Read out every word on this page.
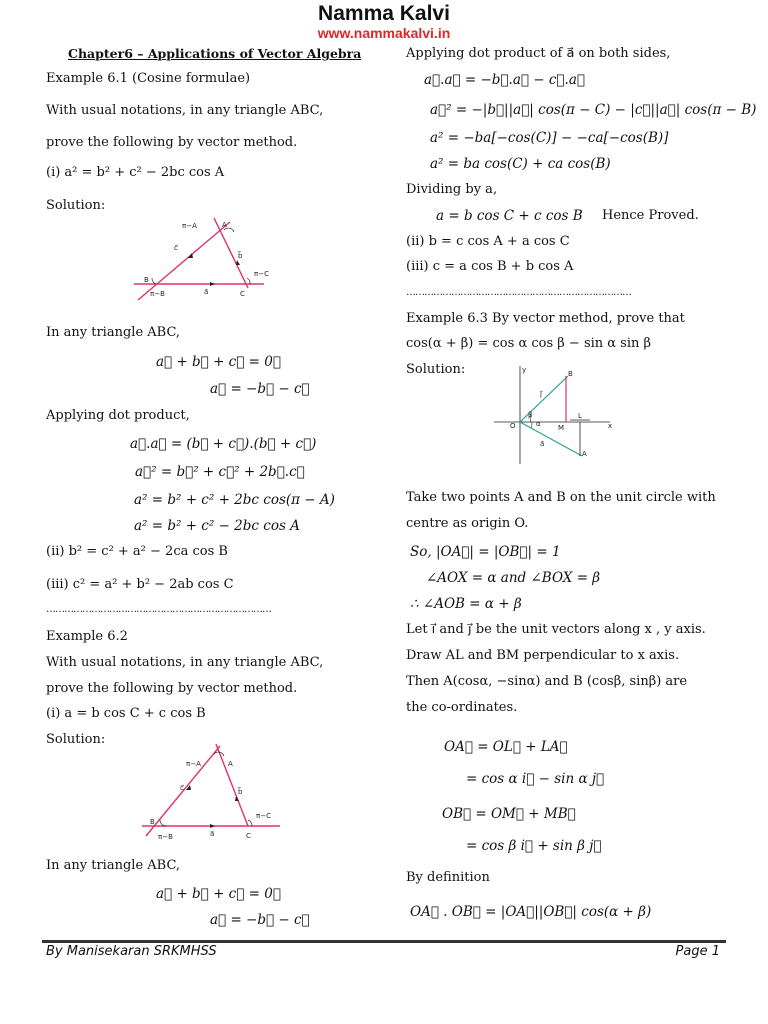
Namma Kalvi
www.nammakalvi.in
Chapter6 – Applications of Vector Algebra
Example 6.1 (Cosine formulae)
With usual notations, in any triangle ABC,
prove the following by vector method.
(i) a² = b² + c² − 2bc cos A
Solution:
π−A	A
c⃗
b⃗
B
π−C
π−B	a⃗	C
In any triangle ABC,
a⃗ + b⃗ + c⃗ = 0⃗
a⃗ = −b⃗ − c⃗
Applying dot product,
a⃗.a⃗ = (b⃗ + c⃗).(b⃗ + c⃗)
a⃗² = b⃗² + c⃗² + 2b⃗.c⃗
a² = b² + c² + 2bc cos(π − A)
a² = b² + c² − 2bc cos A
(ii) b² = c² + a² − 2ca cos B
(iii) c² = a² + b² − 2ab cos C
…………………………………………………………………
Example 6.2
With usual notations, in any triangle ABC,
prove the following by vector method.
(i) a = b cos C + c cos B
Solution:
π−A	A
c⃗	b⃗
B
π−C
π−B	a⃗	C
In any triangle ABC,
a⃗ + b⃗ + c⃗ = 0⃗
a⃗ = −b⃗ − c⃗
Applying dot product of a⃗ on both sides,
a⃗.a⃗ = −b⃗.a⃗ − c⃗.a⃗
a⃗² = −|b⃗||a⃗| cos(π − C) − |c⃗||a⃗| cos(π − B)
a² = −ba[−cos(C)] − −ca[−cos(B)]
a² = ba cos(C) + ca cos(B)
Dividing by a,
a = b cos C + c cos B Hence Proved.
(ii) b = c cos A + a cos C
(iii) c = a cos B + b cos A
…………………………………………………………………
Example 6.3 By vector method, prove that
cos(α + β) = cos α cos β − sin α sin β
Solution:	y	B
j⃗
β
α
O	M
L
x
a⃗
A
Take two points A and B on the unit circle with
centre as origin O.
So, |OA⃗| = |OB⃗| = 1
∠AOX = α and ∠BOX = β
∴ ∠AOB = α + β
Let i⃗ and j⃗ be the unit vectors along x , y axis.
Draw AL and BM perpendicular to x axis.
Then A(cosα, −sinα) and B (cosβ, sinβ) are
the co-ordinates.
OA⃗ = OL⃗ + LA⃗
= cos α i⃗ − sin α j⃗
OB⃗ = OM⃗ + MB⃗
= cos β i⃗ + sin β j⃗
By definition
OA⃗ . OB⃗ = |OA⃗||OB⃗| cos(α + β)
By Manisekaran SRKMHSS	Page 1
